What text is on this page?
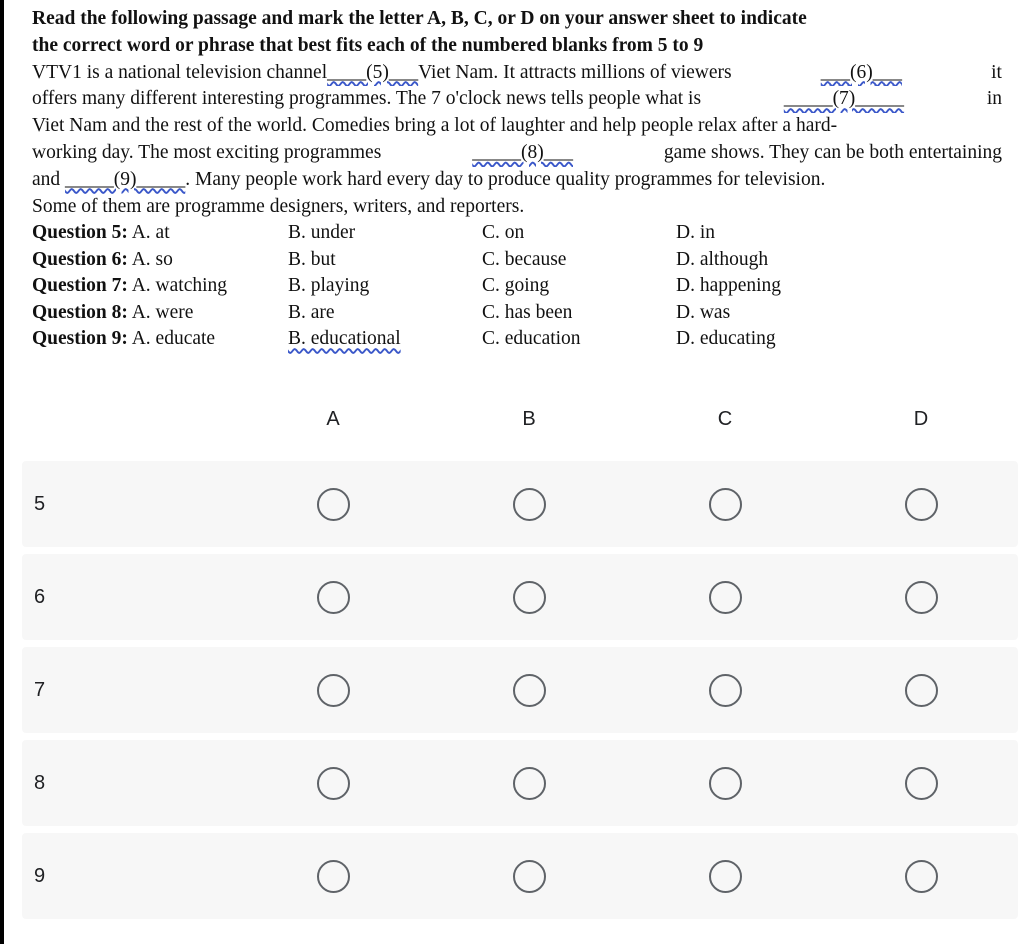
Read the following passage and mark the letter A, B, C, or D on your answer sheet to indicate
the correct word or phrase that best fits each of the numbered blanks from 5 to 9
VTV1 is a national television channel____(5)___Viet Nam. It attracts millions of viewers	___(6)___	it
offers many different interesting programmes. The 7 o'clock news tells people what is	_____(7)_____	in
Viet Nam and the rest of the world. Comedies bring a lot of laughter and help people relax after a hard-
working day. The most exciting programmes	_____(8)___	game shows. They can be both entertaining
and _____(9)_____. Many people work hard every day to produce quality programmes for television.
Some of them are programme designers, writers, and reporters.
Question 5: A. at	B. under	C. on	D. in
Question 6: A. so	B. but	C. because	D. although
Question 7: A. watching	B. playing	C. going	D. happening
Question 8: A. were	B. are	C. has been	D. was
Question 9: A. educate	B. educational	C. education	D. educating
A	B	C	D
5
6
7
8
9
